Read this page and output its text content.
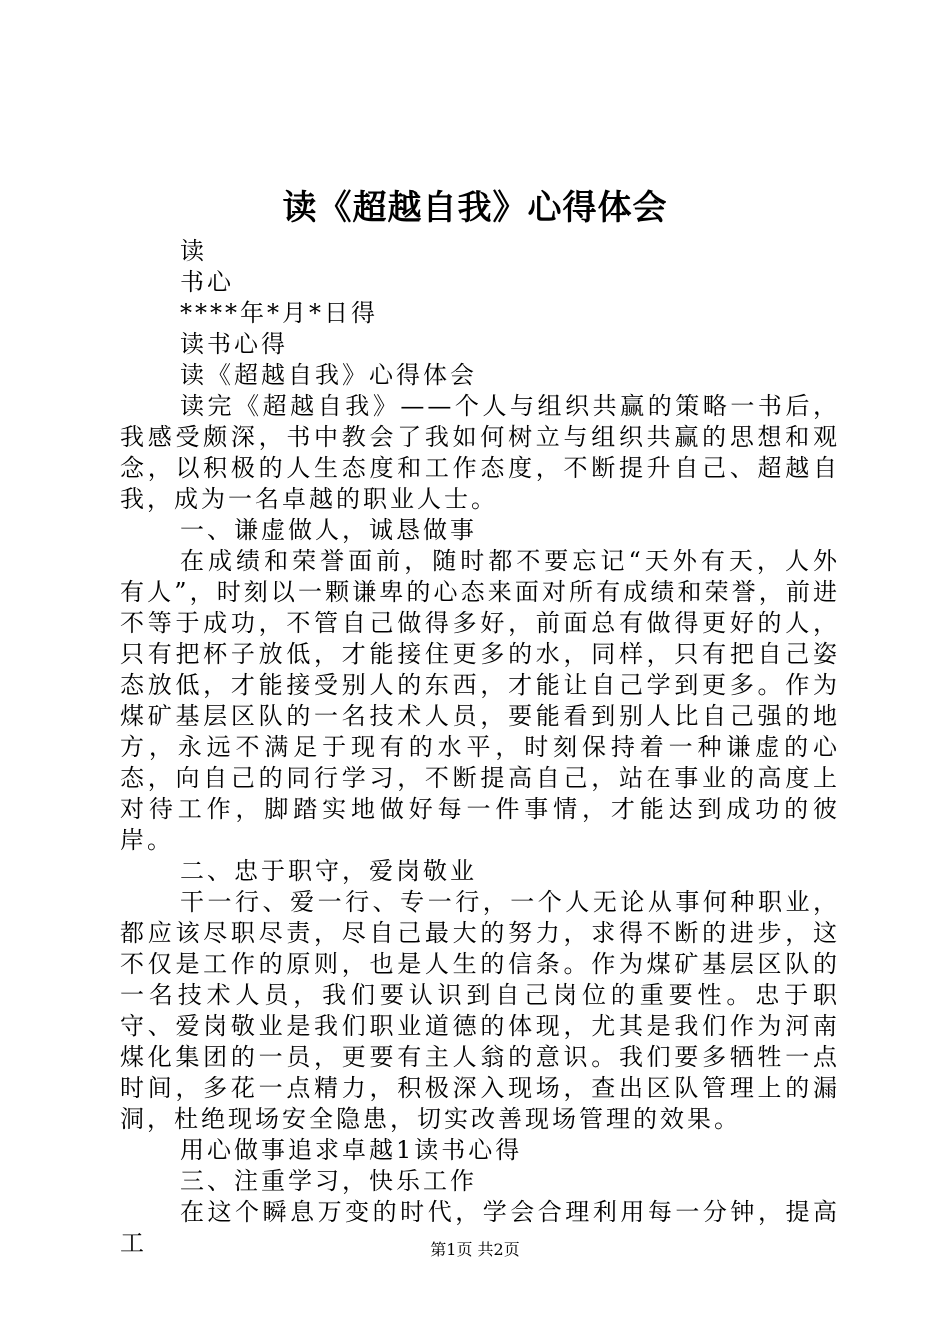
读《超越自我》心得体会

读

书心

****年*月*日得

读书心得

读《超越自我》心得体会

读完《超越自我》——个人与组织共赢的策略一书后，我感受颇深，书中教会了我如何树立与组织共赢的思想和观念，以积极的人生态度和工作态度，不断提升自己、超越自我，成为一名卓越的职业人士。

一、谦虚做人，诚恳做事

在成绩和荣誉面前，随时都不要忘记“天外有天，人外有人”，时刻以一颗谦卑的心态来面对所有成绩和荣誉，前进不等于成功，不管自己做得多好，前面总有做得更好的人，只有把杯子放低，才能接住更多的水，同样，只有把自己姿态放低，才能接受别人的东西，才能让自己学到更多。作为煤矿基层区队的一名技术人员，要能看到别人比自己强的地方，永远不满足于现有的水平，时刻保持着一种谦虚的心态，向自己的同行学习，不断提高自己，站在事业的高度上对待工作，脚踏实地做好每一件事情，才能达到成功的彼岸。

二、忠于职守，爱岗敬业

干一行、爱一行、专一行，一个人无论从事何种职业，都应该尽职尽责，尽自己最大的努力，求得不断的进步，这不仅是工作的原则，也是人生的信条。作为煤矿基层区队的一名技术人员，我们要认识到自己岗位的重要性。忠于职守、爱岗敬业是我们职业道德的体现，尤其是我们作为河南煤化集团的一员，更要有主人翁的意识。我们要多牺牲一点时间，多花一点精力，积极深入现场，查出区队管理上的漏洞，杜绝现场安全隐患，切实改善现场管理的效果。

用心做事追求卓越1读书心得

三、注重学习，快乐工作

在这个瞬息万变的时代，学会合理利用每一分钟，提高工	第1页 共2页
